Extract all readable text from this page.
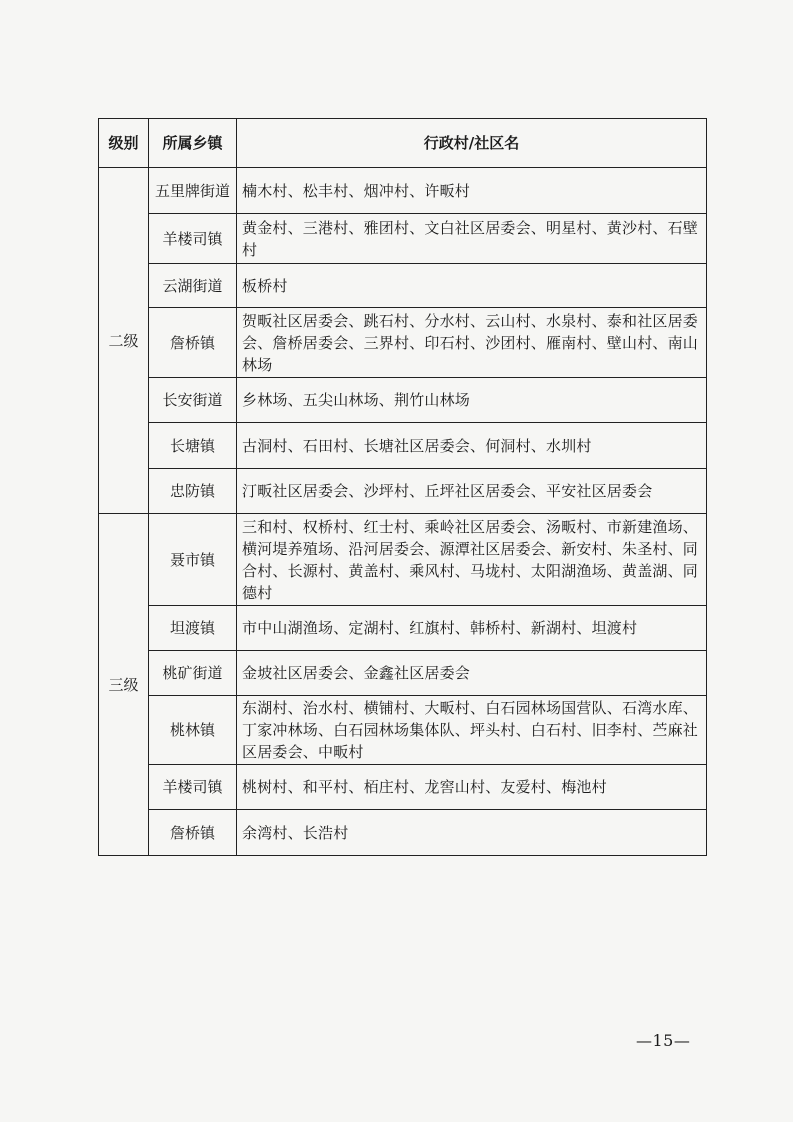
级别	所属乡镇	行政村/社区名
二级	五里牌街道	楠木村、松丰村、烟冲村、许畈村
	羊楼司镇	黄金村、三港村、雅团村、文白社区居委会、明星村、黄沙村、石壁村
	云湖街道	板桥村
	詹桥镇	贺畈社区居委会、跳石村、分水村、云山村、水泉村、泰和社区居委会、詹桥居委会、三界村、印石村、沙团村、雁南村、壁山村、南山林场
	长安街道	乡林场、五尖山林场、荆竹山林场
	长塘镇	古洞村、石田村、长塘社区居委会、何洞村、水圳村
	忠防镇	汀畈社区居委会、沙坪村、丘坪社区居委会、平安社区居委会
三级	聂市镇	三和村、权桥村、红士村、乘岭社区居委会、汤畈村、市新建渔场、横河堤养殖场、沿河居委会、源潭社区居委会、新安村、朱圣村、同合村、长源村、黄盖村、乘风村、马垅村、太阳湖渔场、黄盖湖、同德村
	坦渡镇	市中山湖渔场、定湖村、红旗村、韩桥村、新湖村、坦渡村
	桃矿街道	金坡社区居委会、金鑫社区居委会
	桃林镇	东湖村、治水村、横铺村、大畈村、白石园林场国营队、石湾水库、丁家冲林场、白石园林场集体队、坪头村、白石村、旧李村、苎麻社区居委会、中畈村
	羊楼司镇	桃树村、和平村、栢庄村、龙窖山村、友爱村、梅池村
	詹桥镇	余湾村、长浩村
—15—
